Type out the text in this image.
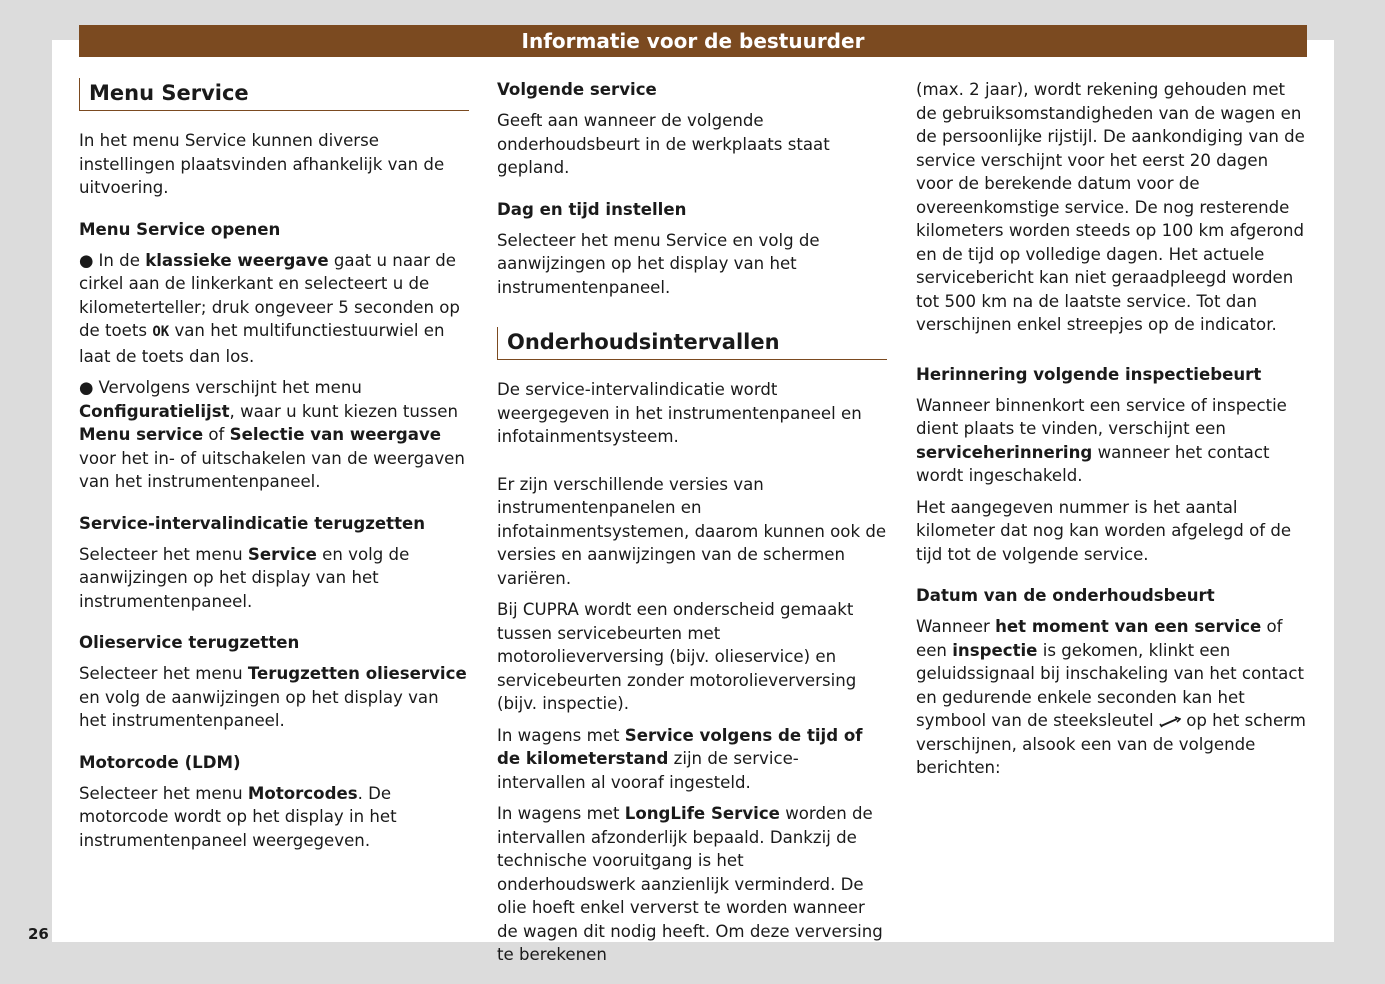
Informatie voor de bestuurder
26
Menu Service

In het menu Service kunnen diverse instellingen plaatsvinden afhankelijk van de uitvoering.

Menu Service openen

● In de klassieke weergave gaat u naar de cirkel aan de linkerkant en selecteert u de kilometerteller; druk ongeveer 5 seconden op de toets OK van het multifunctiestuurwiel en laat de toets dan los.

● Vervolgens verschijnt het menu Configuratielijst, waar u kunt kiezen tussen Menu service of Selectie van weergave voor het in- of uitschakelen van de weergaven van het instrumentenpaneel.

Service-intervalindicatie terugzetten

Selecteer het menu Service en volg de aanwijzingen op het display van het instrumentenpaneel.

Olieservice terugzetten

Selecteer het menu Terugzetten olieservice en volg de aanwijzingen op het display van het instrumentenpaneel.

Motorcode (LDM)

Selecteer het menu Motorcodes. De motorcode wordt op het display in het instrumentenpaneel weergegeven.

Volgende service

Geeft aan wanneer de volgende onderhoudsbeurt in de werkplaats staat gepland.

Dag en tijd instellen

Selecteer het menu Service en volg de aanwijzingen op het display van het instrumentenpaneel.

Onderhoudsintervallen

De service-intervalindicatie wordt weergegeven in het instrumentenpaneel en infotainmentsysteem.

Er zijn verschillende versies van instrumentenpanelen en infotainmentsystemen, daarom kunnen ook de versies en aanwijzingen van de schermen variëren.

Bij CUPRA wordt een onderscheid gemaakt tussen servicebeurten met motorolieverversing (bijv. olieservice) en servicebeurten zonder motorolieverversing (bijv. inspectie).

In wagens met Service volgens de tijd of de kilometerstand zijn de service-intervallen al vooraf ingesteld.

In wagens met LongLife Service worden de intervallen afzonderlijk bepaald. Dankzij de technische vooruitgang is het onderhoudswerk aanzienlijk verminderd. De olie hoeft enkel ververst te worden wanneer de wagen dit nodig heeft. Om deze verversing te berekenen

(max. 2 jaar), wordt rekening gehouden met de gebruiksomstandigheden van de wagen en de persoonlijke rijstijl. De aankondiging van de service verschijnt voor het eerst 20 dagen voor de berekende datum voor de overeenkomstige service. De nog resterende kilometers worden steeds op 100 km afgerond en de tijd op volledige dagen. Het actuele servicebericht kan niet geraadpleegd worden tot 500 km na de laatste service. Tot dan verschijnen enkel streepjes op de indicator.

Herinnering volgende inspectiebeurt

Wanneer binnenkort een service of inspectie dient plaats te vinden, verschijnt een serviceherinnering wanneer het contact wordt ingeschakeld.

Het aangegeven nummer is het aantal kilometer dat nog kan worden afgelegd of de tijd tot de volgende service.

Datum van de onderhoudsbeurt

Wanneer het moment van een service of een inspectie is gekomen, klinkt een geluidssignaal bij inschakeling van het contact en gedurende enkele seconden kan het symbool van de steeksleutel  op het scherm verschijnen, alsook een van de volgende berichten:
